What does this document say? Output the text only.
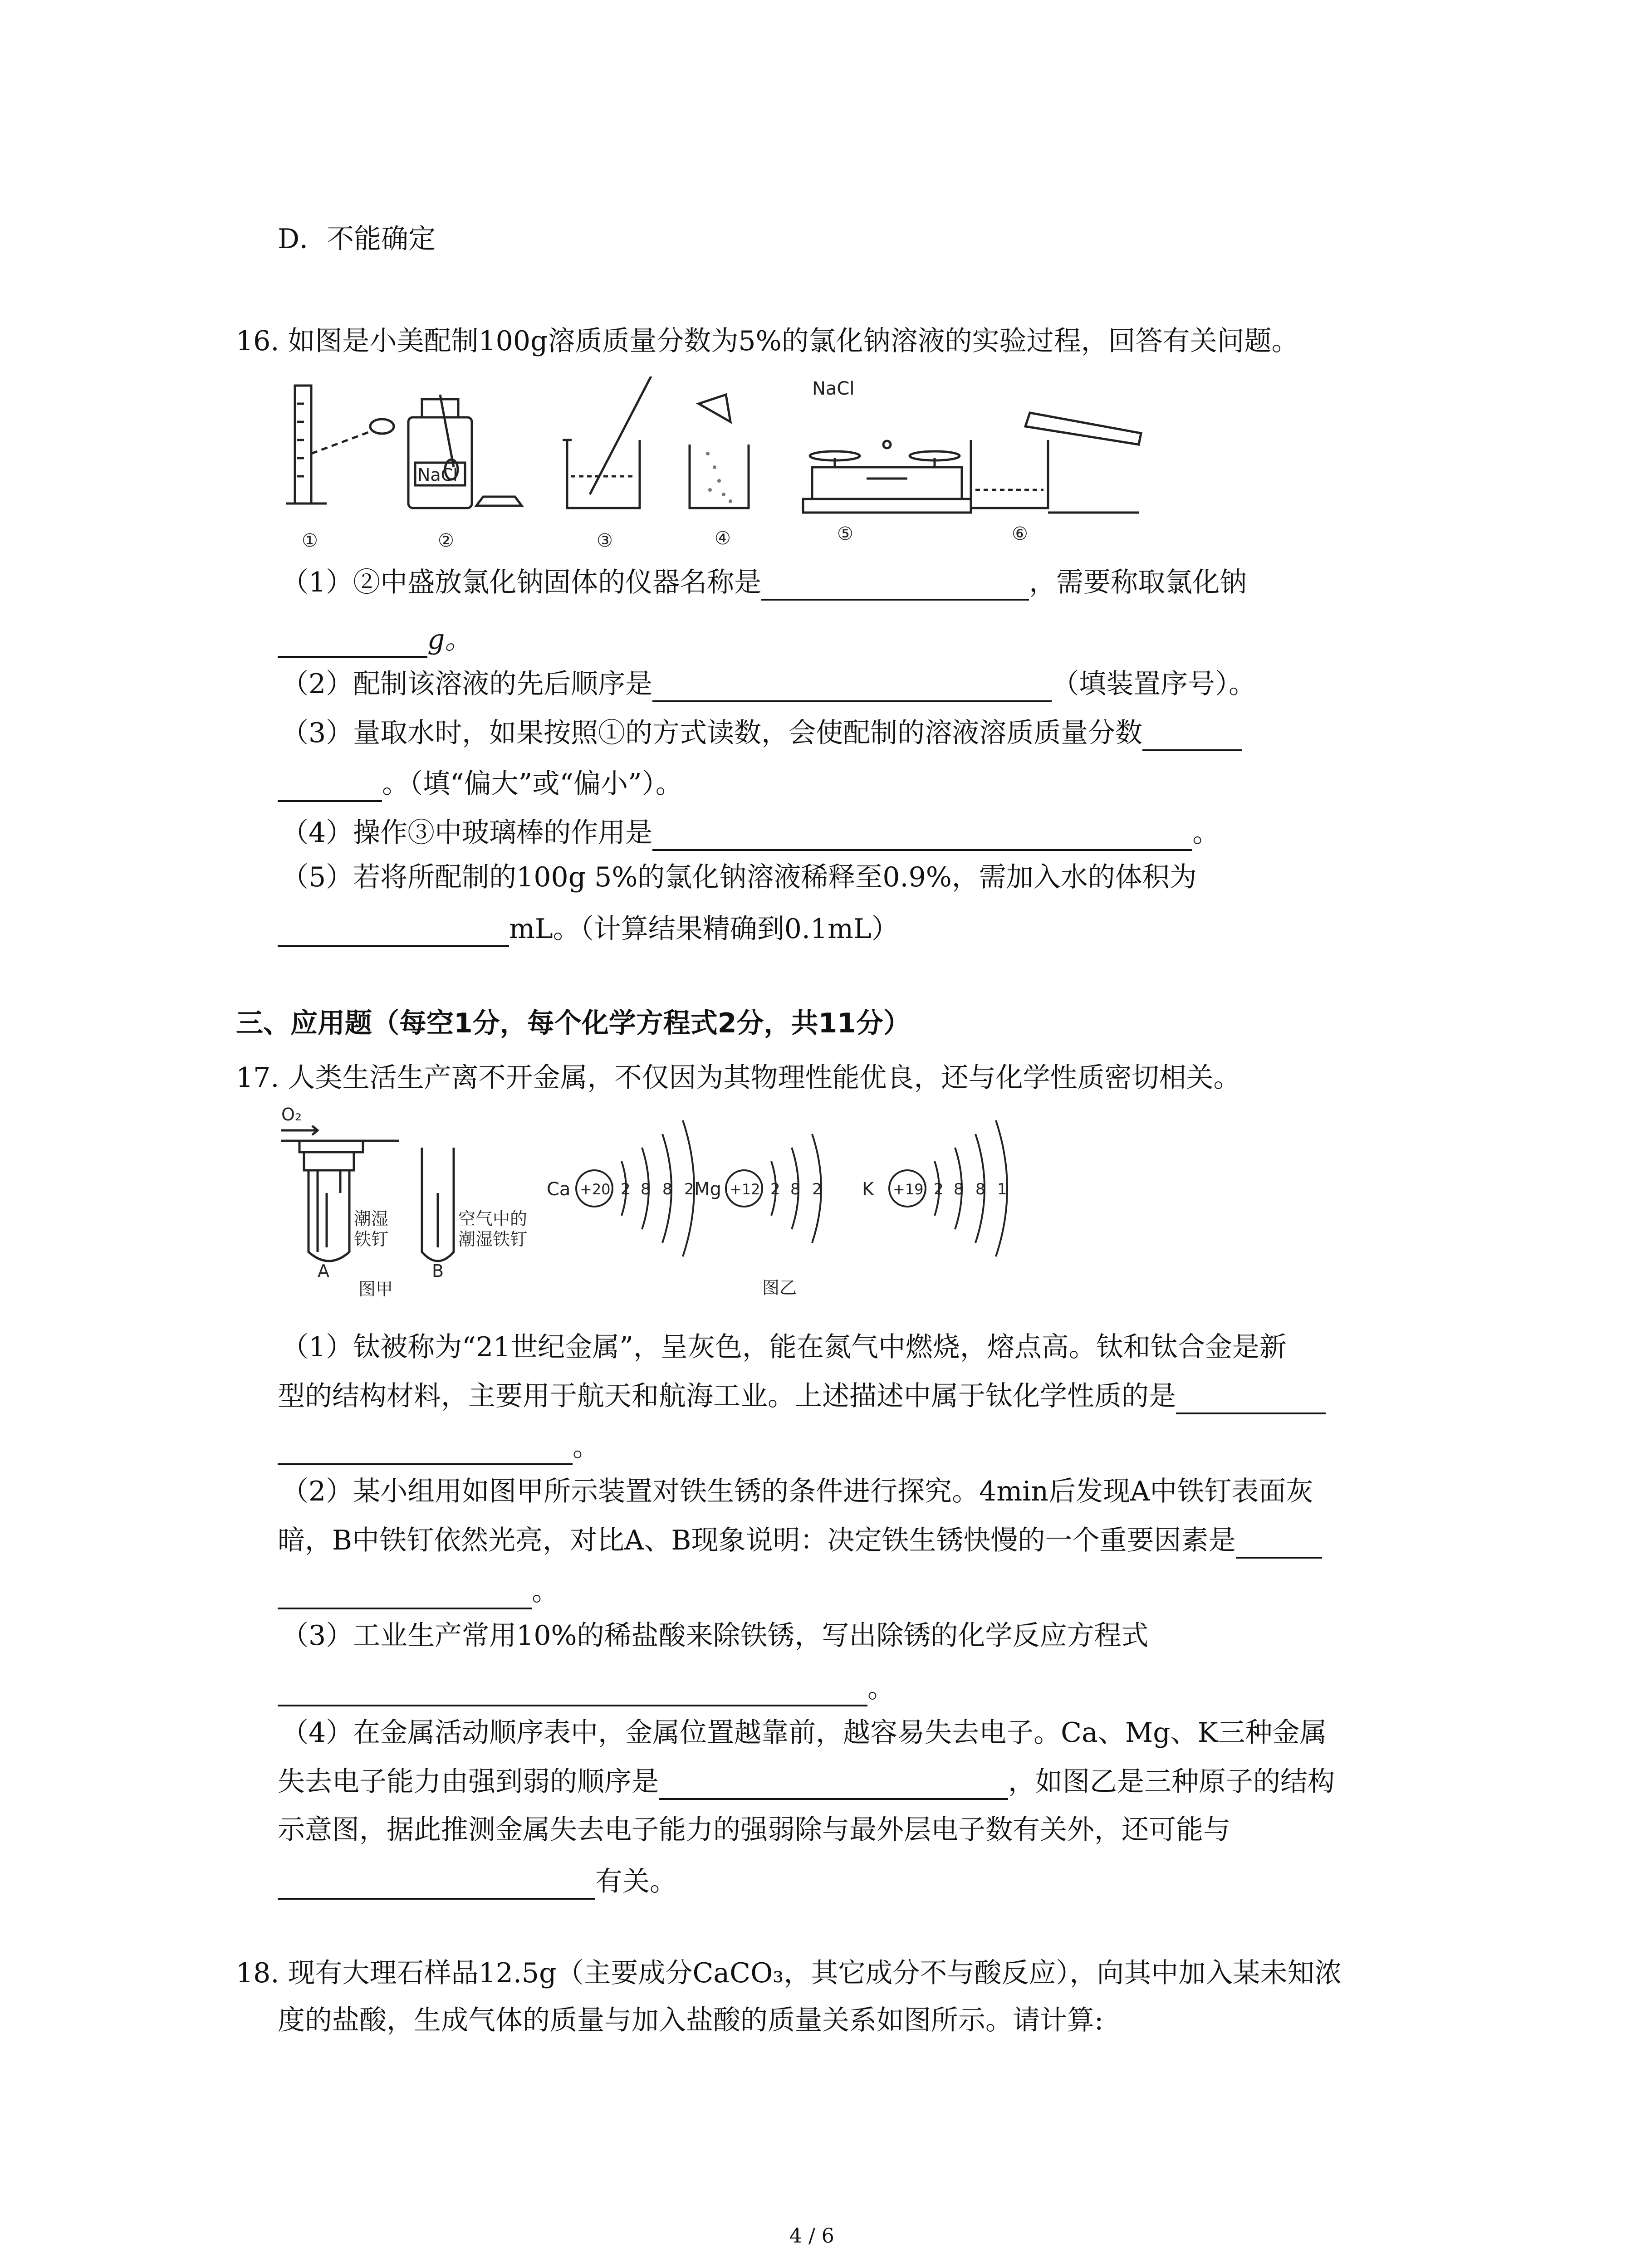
D．不能确定
16. 如图是小美配制100g溶质质量分数为5%的氯化钠溶液的实验过程，回答有关问题。
NaCl
NaCl
①	②	③	④	⑤	⑥
（1）②中盛放氯化钠固体的仪器名称是	，需要称取氯化钠
g。
（2）配制该溶液的先后顺序是	（填装置序号）。
（3）量取水时，如果按照①的方式读数，会使配制的溶液溶质质量分数
。（填“偏大”或“偏小”）。
（4）操作③中玻璃棒的作用是	。
（5）若将所配制的100g 5%的氯化钠溶液稀释至0.9%，需加入水的体积为
mL。（计算结果精确到0.1mL）
三、应用题（每空1分，每个化学方程式2分，共11分）
17. 人类生活生产离不开金属，不仅因为其物理性能优良，还与化学性质密切相关。
O₂
潮湿
铁钉
空气中的
潮湿铁钉
A	B
图甲
Ca +20 2 8 8 2 Mg +12 2 8 2 K +19 2 8 8 1
图乙
（1）钛被称为“21世纪金属”，呈灰色，能在氮气中燃烧，熔点高。钛和钛合金是新
型的结构材料，主要用于航天和航海工业。上述描述中属于钛化学性质的是
。
（2）某小组用如图甲所示装置对铁生锈的条件进行探究。4min后发现A中铁钉表面灰
暗，B中铁钉依然光亮，对比A、B现象说明：决定铁生锈快慢的一个重要因素是
。
（3）工业生产常用10%的稀盐酸来除铁锈，写出除锈的化学反应方程式
。
（4）在金属活动顺序表中，金属位置越靠前，越容易失去电子。Ca、Mg、K三种金属
失去电子能力由强到弱的顺序是	，如图乙是三种原子的结构
示意图，据此推测金属失去电子能力的强弱除与最外层电子数有关外，还可能与
有关。
18. 现有大理石样品12.5g（主要成分CaCO₃，其它成分不与酸反应），向其中加入某未知浓
度的盐酸，生成气体的质量与加入盐酸的质量关系如图所示。请计算:
4 / 6
